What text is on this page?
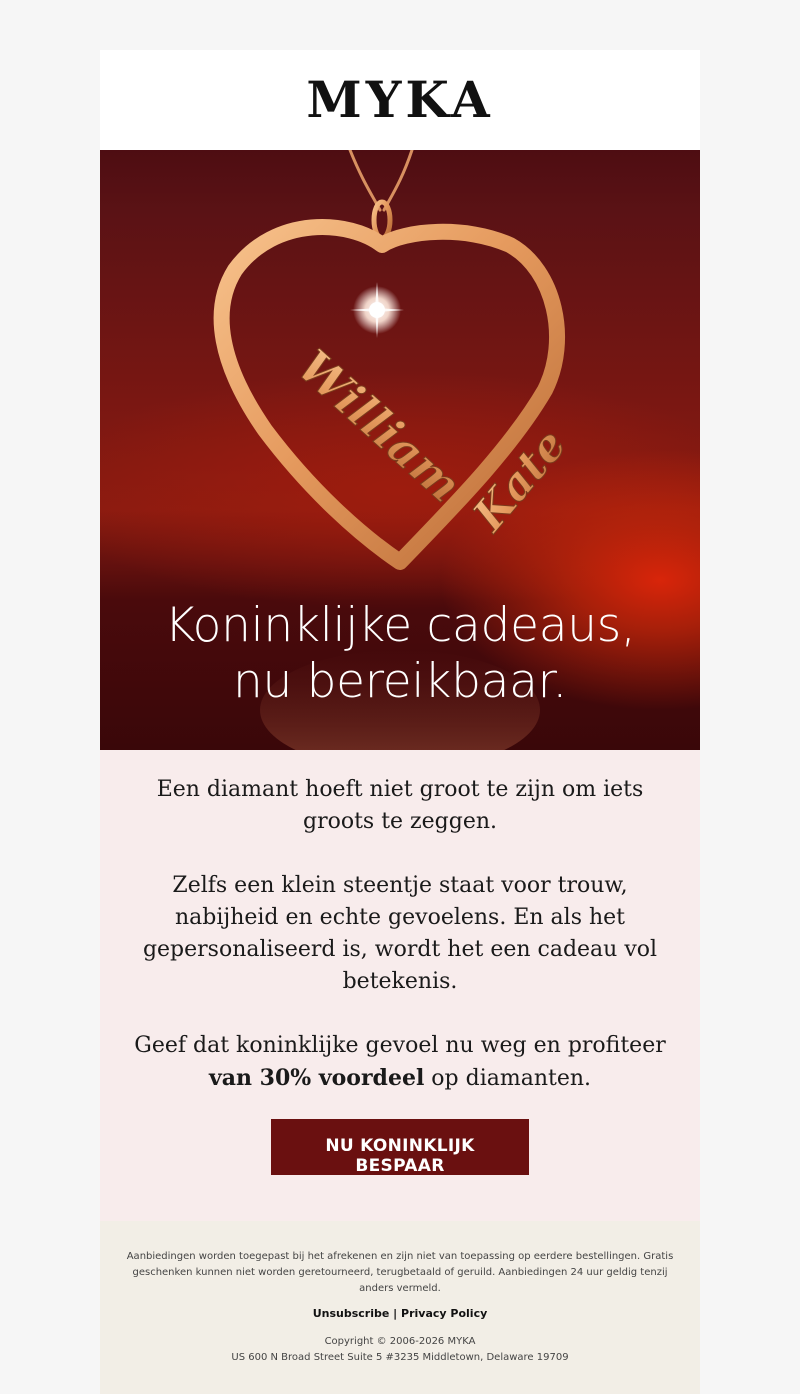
MYKA
William
Kate
Koninklijke cadeaus,
nu bereikbaar.

Een diamant hoeft niet groot te zijn om iets groots te zeggen.

Zelfs een klein steentje staat voor trouw, nabijheid en echte gevoelens. En als het gepersonaliseerd is, wordt het een cadeau vol betekenis.

Geef dat koninklijke gevoel nu weg en profiteer van 30% voordeel op diamanten.

NU KONINKLIJK BESPAAR

Aanbiedingen worden toegepast bij het afrekenen en zijn niet van toepassing op eerdere bestellingen. Gratis geschenken kunnen niet worden geretourneerd, terugbetaald of geruild. Aanbiedingen 24 uur geldig tenzij anders vermeld.

Unsubscribe | Privacy Policy

Copyright © 2006-2026 MYKA
US 600 N Broad Street Suite 5 #3235 Middletown, Delaware 19709
